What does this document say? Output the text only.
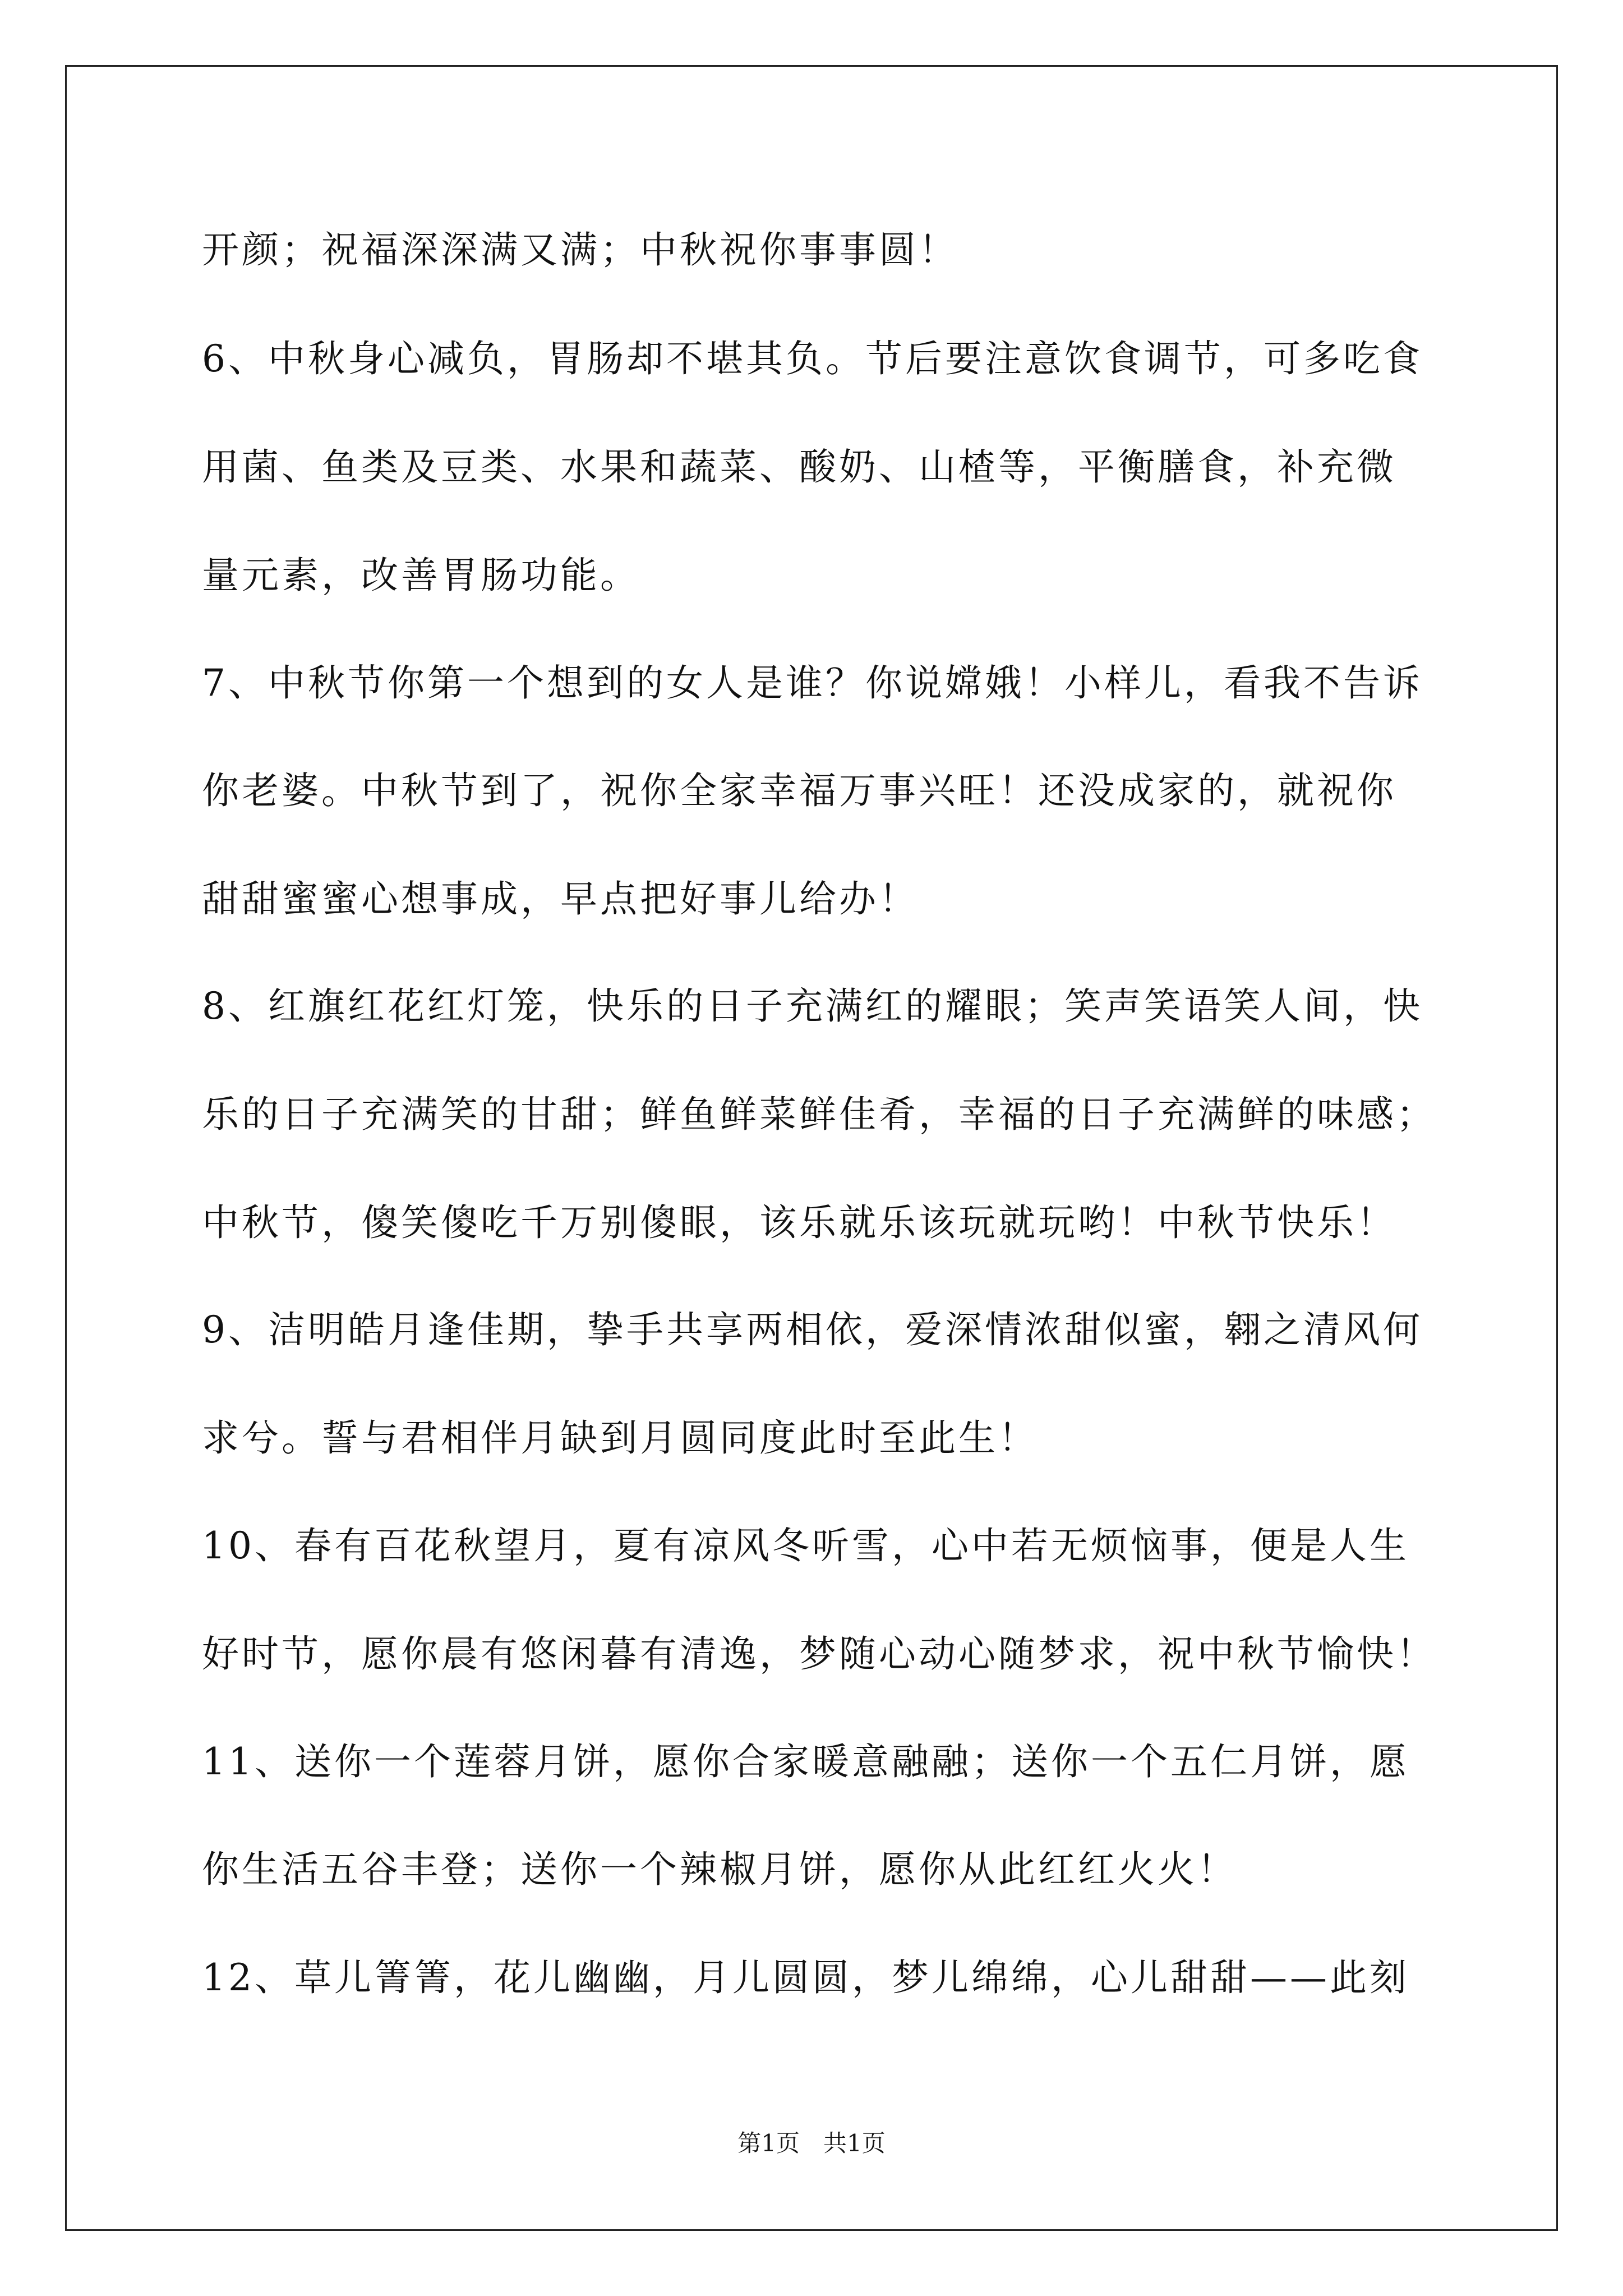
开颜；祝福深深满又满；中秋祝你事事圆！
6、中秋身心减负，胃肠却不堪其负。节后要注意饮食调节，可多吃食
用菌、鱼类及豆类、水果和蔬菜、酸奶、山楂等，平衡膳食，补充微
量元素，改善胃肠功能。
7、中秋节你第一个想到的女人是谁？你说嫦娥！小样儿，看我不告诉
你老婆。中秋节到了，祝你全家幸福万事兴旺！还没成家的，就祝你
甜甜蜜蜜心想事成，早点把好事儿给办！
8、红旗红花红灯笼，快乐的日子充满红的耀眼；笑声笑语笑人间，快
乐的日子充满笑的甘甜；鲜鱼鲜菜鲜佳肴，幸福的日子充满鲜的味感；
中秋节，傻笑傻吃千万别傻眼，该乐就乐该玩就玩哟！中秋节快乐！
9、洁明皓月逢佳期，挚手共享两相依，爱深情浓甜似蜜，翱之清风何
求兮。誓与君相伴月缺到月圆同度此时至此生！
10、春有百花秋望月，夏有凉风冬听雪，心中若无烦恼事，便是人生
好时节，愿你晨有悠闲暮有清逸，梦随心动心随梦求，祝中秋节愉快！
11、送你一个莲蓉月饼，愿你合家暖意融融；送你一个五仁月饼，愿
你生活五谷丰登；送你一个辣椒月饼，愿你从此红红火火！
12、草儿箐箐，花儿幽幽，月儿圆圆，梦儿绵绵，心儿甜甜——此刻
第1页　共1页
